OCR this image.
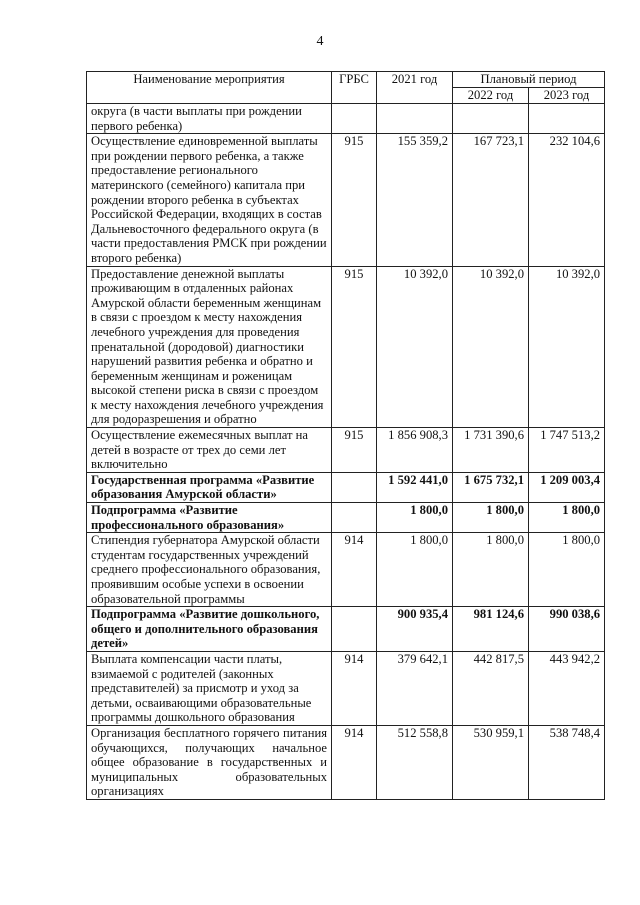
4
Наименование мероприятия	ГРБС	2021 год	Плановый период	
			2022 год	2023 год
округа (в части выплаты при рождении первого ребенка)				
Осуществление единовременной выплаты при рождении первого ребенка, а также предоставление регионального материнского (семейного) капитала при рождении второго ребенка в субъектах Российской Федерации, входящих в состав Дальневосточного федерального округа (в части предоставления РМСК при рождении второго ребенка)	915	155 359,2	167 723,1	232 104,6
Предоставление денежной выплаты проживающим в отдаленных районах Амурской области беременным женщинам в связи с проездом к месту нахождения лечебного учреждения для проведения пренатальной (дородовой) диагностики нарушений развития ребенка и обратно и беременным женщинам и роженицам высокой степени риска в связи с проездом к месту нахождения лечебного учреждения для родоразрешения и обратно	915	10 392,0	10 392,0	10 392,0
Осуществление ежемесячных выплат на детей в возрасте от трех до семи лет включительно	915	1 856 908,3	1 731 390,6	1 747 513,2
Государственная программа «Развитие образования Амурской области»		1 592 441,0	1 675 732,1	1 209 003,4
Подпрограмма «Развитие профессионального образования»		1 800,0	1 800,0	1 800,0
Стипендия губернатора Амурской области студентам государственных учреждений среднего профессионального образования, проявившим особые успехи в освоении образовательной программы	914	1 800,0	1 800,0	1 800,0
Подпрограмма «Развитие дошкольного, общего и дополнительного образования детей»		900 935,4	981 124,6	990 038,6
Выплата компенсации части платы, взимаемой с родителей (законных представителей) за присмотр и уход за детьми, осваивающими образовательные программы дошкольного образования	914	379 642,1	442 817,5	443 942,2
Организация бесплатного горячего питания обучающихся, получающих начальное общее образование в государственных и муниципальных образовательных организациях	914	512 558,8	530 959,1	538 748,4
